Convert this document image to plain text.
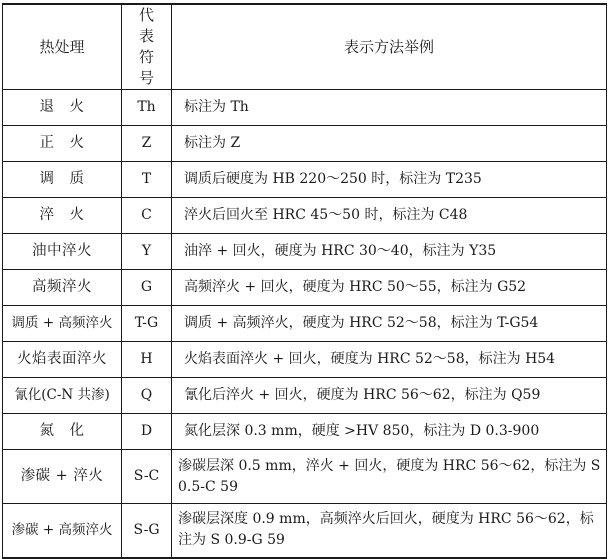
热处理	代表符号	表示方法举例
退　火	Th	标注为 Th
正　火	Z	标注为 Z
调　质	T	调质后硬度为 HB 220～250 时，标注为 T235
淬　火	C	淬火后回火至 HRC 45～50 时，标注为 C48
油中淬火	Y	油淬 + 回火，硬度为 HRC 30～40，标注为 Y35
高频淬火	G	高频淬火 + 回火，硬度为 HRC 50～55，标注为 G52
调质 + 高频淬火	T-G	调质 + 高频淬火，硬度为 HRC 52～58，标注为 T-G54
火焰表面淬火	H	火焰表面淬火 + 回火，硬度为 HRC 52～58，标注为 H54
氰化(C-N 共渗)	Q	氰化后淬火 + 回火，硬度为 HRC 56～62，标注为 Q59
氮　化	D	氮化层深 0.3 mm，硬度 >HV 850，标注为 D 0.3-900
渗碳 + 淬火	S-C	渗碳层深 0.5 mm，淬火 + 回火，硬度为 HRC 56～62，标注为 S 0.5-C 59
渗碳 + 高频淬火	S-G	渗碳层深度 0.9 mm，高频淬火后回火，硬度为 HRC 56～62，标注为 S 0.9-G 59
